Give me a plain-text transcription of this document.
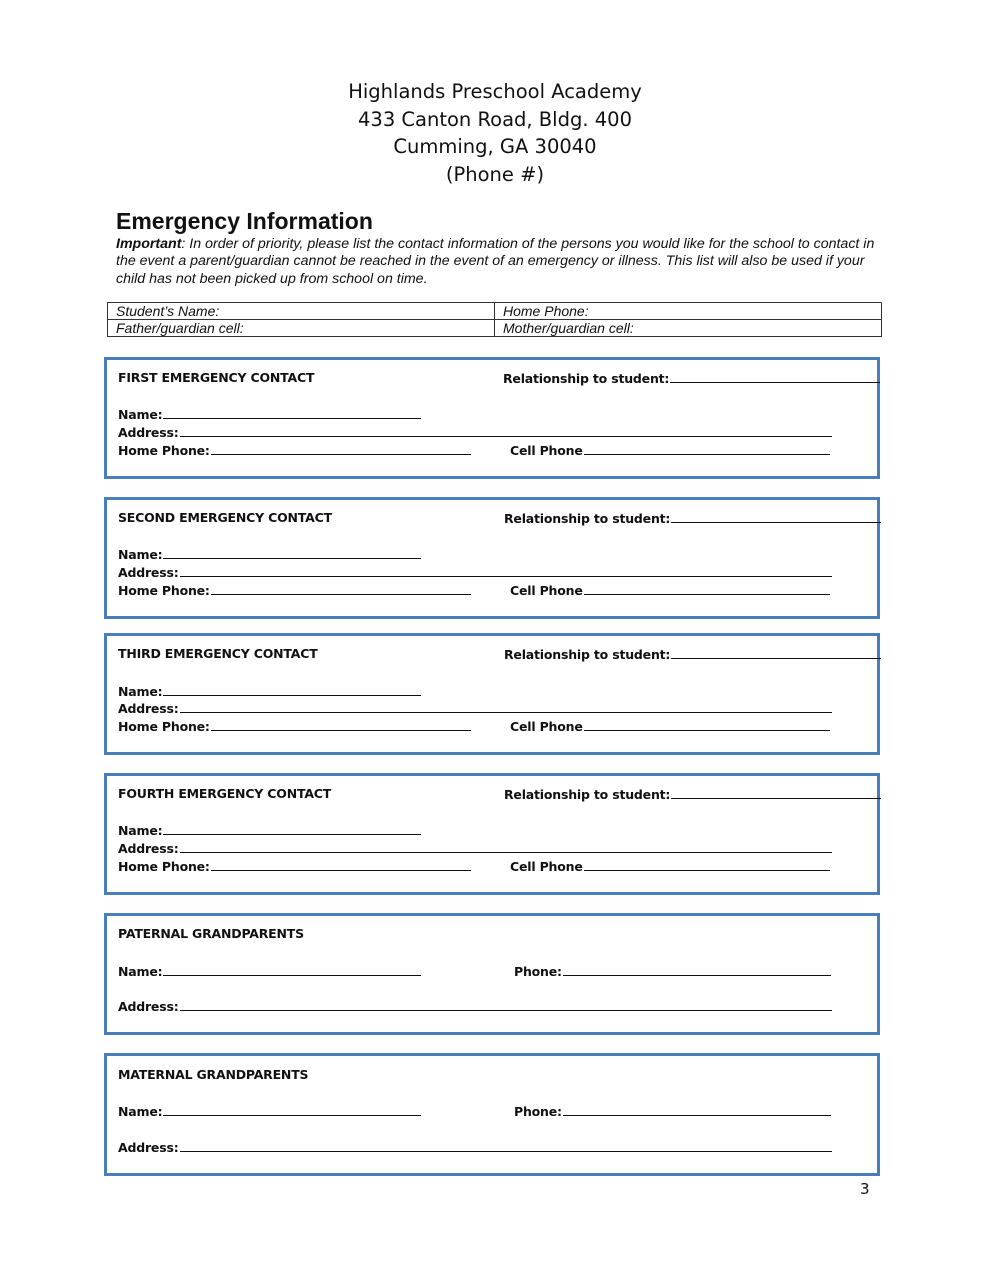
Highlands Preschool Academy
433 Canton Road, Bldg. 400
Cumming, GA 30040
(Phone #)
Emergency Information
Important: In order of priority, please list the contact information of the persons you would like for the school to contact in the event a parent/guardian cannot be reached in the event of an emergency or illness. This list will also be used if your child has not been picked up from school on time.
Student’s Name:	Home Phone:
Father/guardian cell:	Mother/guardian cell:
FIRST EMERGENCY CONTACT	Relationship to student:
Name:
Address:
Home Phone:	Cell Phone
SECOND EMERGENCY CONTACT	Relationship to student:
Name:
Address:
Home Phone:	Cell Phone
THIRD EMERGENCY CONTACT	Relationship to student:
Name:
Address:
Home Phone:	Cell Phone
FOURTH EMERGENCY CONTACT	Relationship to student:
Name:
Address:
Home Phone:	Cell Phone
PATERNAL GRANDPARENTS
Name:	Phone:
Address:
MATERNAL GRANDPARENTS
Name:	Phone:
Address:
3
